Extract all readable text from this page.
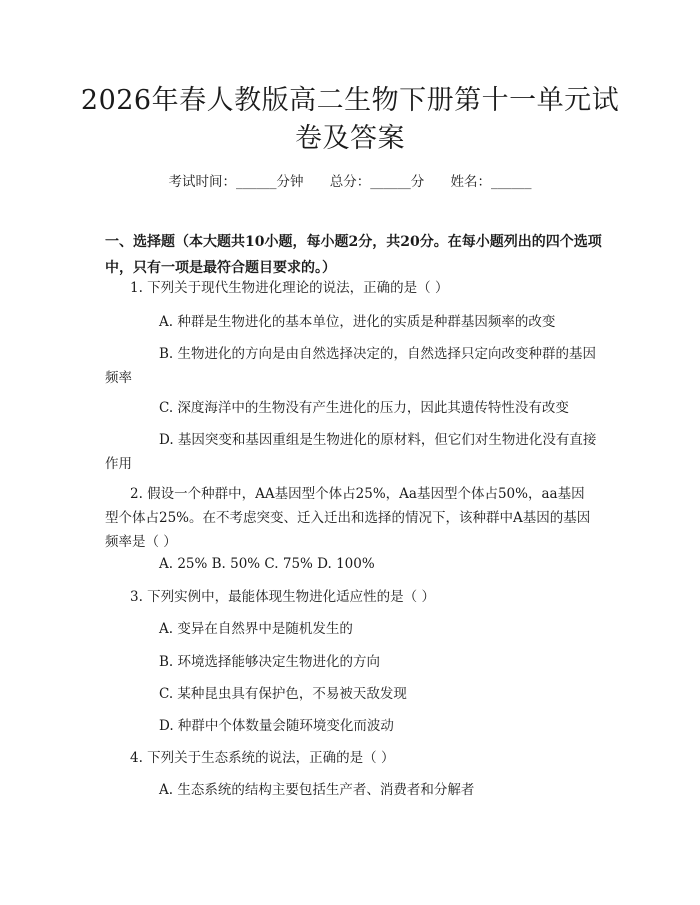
2026年春人教版高二生物下册第十一单元试
卷及答案
考试时间：______分钟 总分：______分 姓名：______
一、选择题（本大题共10小题，每小题2分，共20分。在每小题列出的四个选项中，只有一项是最符合题目要求的。）
1. 下列关于现代生物进化理论的说法，正确的是（ ）
A. 种群是生物进化的基本单位，进化的实质是种群基因频率的改变
B. 生物进化的方向是由自然选择决定的，自然选择只定向改变种群的基因频率
C. 深度海洋中的生物没有产生进化的压力，因此其遗传特性没有改变
D. 基因突变和基因重组是生物进化的原材料，但它们对生物进化没有直接作用
2. 假设一个种群中，AA基因型个体占25%，Aa基因型个体占50%，aa基因型个体占25%。在不考虑突变、迁入迁出和选择的情况下，该种群中A基因的基因频率是（ ）
A. 25% B. 50% C. 75% D. 100%
3. 下列实例中，最能体现生物进化适应性的是（ ）
A. 变异在自然界中是随机发生的
B. 环境选择能够决定生物进化的方向
C. 某种昆虫具有保护色，不易被天敌发现
D. 种群中个体数量会随环境变化而波动
4. 下列关于生态系统的说法，正确的是（ ）
A. 生态系统的结构主要包括生产者、消费者和分解者
